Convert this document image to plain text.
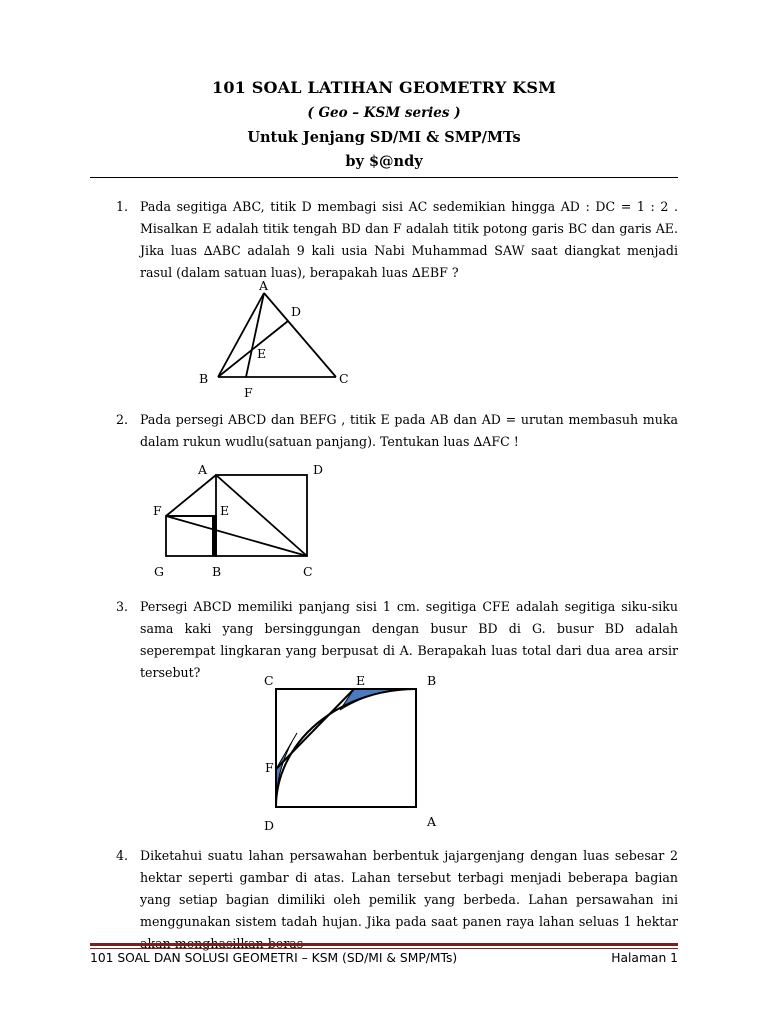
101 SOAL LATIHAN GEOMETRY KSM
( Geo – KSM series )
Untuk Jenjang SD/MI & SMP/MTs
by $@ndy
1. Pada segitiga ABC, titik D membagi sisi AC sedemikian hingga AD : DC = 1 : 2 . Misalkan E adalah titik tengah BD dan F adalah titik potong garis BC dan garis AE. Jika luas ∆ABC adalah 9 kali usia Nabi Muhammad SAW saat diangkat menjadi rasul (dalam satuan luas), berapakah luas ∆EBF ?
A
D
E
B	C
F
2. Pada persegi ABCD dan BEFG , titik E pada AB dan AD = urutan membasuh muka dalam rukun wudlu(satuan panjang). Tentukan luas ∆AFC !
A	D
F	E
G	B	C
3. Persegi ABCD memiliki panjang sisi 1 cm. segitiga CFE adalah segitiga siku-siku sama kaki yang bersinggungan dengan busur BD di G. busur BD adalah seperempat lingkaran yang berpusat di A. Berapakah luas total dari dua area arsir tersebut?
C	E	B
F
D	A
4. Diketahui suatu lahan persawahan berbentuk jajargenjang dengan luas sebesar 2 hektar seperti gambar di atas. Lahan tersebut terbagi menjadi beberapa bagian yang setiap bagian dimiliki oleh pemilik yang berbeda. Lahan persawahan ini menggunakan sistem tadah hujan. Jika pada saat panen raya lahan seluas 1 hektar akan menghasilkan beras
101 SOAL DAN SOLUSI GEOMETRI – KSM (SD/MI & SMP/MTs)	Halaman 1
